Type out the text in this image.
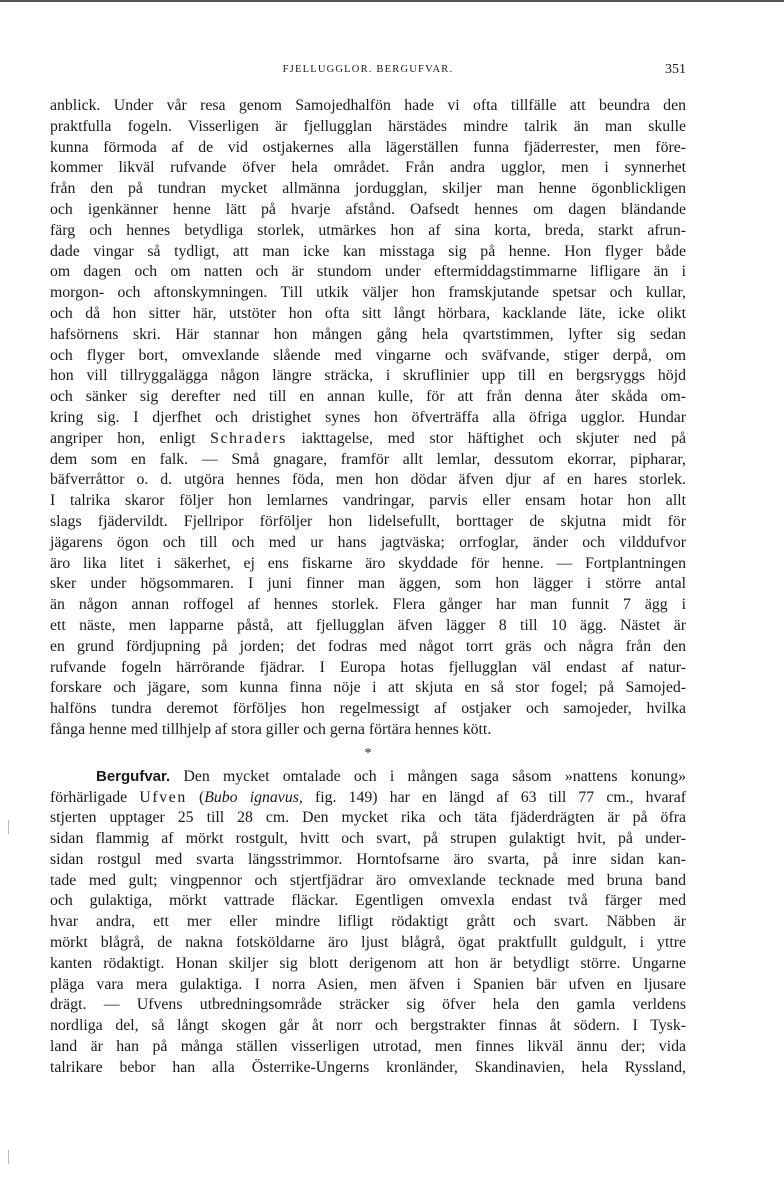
FJELLUGGLOR. BERGUFVAR.	351
anblick. Under vår resa genom Samojedhalfön hade vi ofta tillfälle att beundra den
praktfulla fogeln. Visserligen är fjellugglan härstädes mindre talrik än man skulle
kunna förmoda af de vid ostjakernes alla lägerställen funna fjäderrester, men före-
kommer likväl rufvande öfver hela området. Från andra ugglor, men i synnerhet
från den på tundran mycket allmänna jordugglan, skiljer man henne ögonblickligen
och igenkänner henne lätt på hvarje afstånd. Oafsedt hennes om dagen bländande
färg och hennes betydliga storlek, utmärkes hon af sina korta, breda, starkt afrun-
dade vingar så tydligt, att man icke kan misstaga sig på henne. Hon flyger både
om dagen och om natten och är stundom under eftermiddagstimmarne lifligare än i
morgon- och aftonskymningen. Till utkik väljer hon framskjutande spetsar och kullar,
och då hon sitter här, utstöter hon ofta sitt långt hörbara, kacklande läte, icke olikt
hafsörnens skri. Här stannar hon mången gång hela qvartstimmen, lyfter sig sedan
och flyger bort, omvexlande slående med vingarne och sväfvande, stiger derpå, om
hon vill tillryggalägga någon längre sträcka, i skruflinier upp till en bergsryggs höjd
och sänker sig derefter ned till en annan kulle, för att från denna åter skåda om-
kring sig. I djerfhet och dristighet synes hon öfverträffa alla öfriga ugglor. Hundar
angriper hon, enligt Schraders iakttagelse, med stor häftighet och skjuter ned på
dem som en falk. — Små gnagare, framför allt lemlar, dessutom ekorrar, pipharar,
bäfverråttor o. d. utgöra hennes föda, men hon dödar äfven djur af en hares storlek.
I talrika skaror följer hon lemlarnes vandringar, parvis eller ensam hotar hon allt
slags fjädervildt. Fjellripor förföljer hon lidelsefullt, borttager de skjutna midt för
jägarens ögon och till och med ur hans jagtväska; orrfoglar, änder och vilddufvor
äro lika litet i säkerhet, ej ens fiskarne äro skyddade för henne. — Fortplantningen
sker under högsommaren. I juni finner man äggen, som hon lägger i större antal
än någon annan roffogel af hennes storlek. Flera gånger har man funnit 7 ägg i
ett näste, men lapparne påstå, att fjellugglan äfven lägger 8 till 10 ägg. Nästet är
en grund fördjupning på jorden; det fodras med något torrt gräs och några från den
rufvande fogeln härrörande fjädrar. I Europa hotas fjellugglan väl endast af natur-
forskare och jägare, som kunna finna nöje i att skjuta en så stor fogel; på Samojed-
halföns tundra deremot förföljes hon regelmessigt af ostjaker och samojeder, hvilka
fånga henne med tillhjelp af stora giller och gerna förtära hennes kött.
*
Bergufvar. Den mycket omtalade och i mången saga såsom »nattens konung»
förhärligade Ufven (Bubo ignavus, fig. 149) har en längd af 63 till 77 cm., hvaraf
stjerten upptager 25 till 28 cm. Den mycket rika och täta fjäderdrägten är på öfra
sidan flammig af mörkt rostgult, hvitt och svart, på strupen gulaktigt hvit, på under-
sidan rostgul med svarta längsstrimmor. Horntofsarne äro svarta, på inre sidan kan-
tade med gult; vingpennor och stjertfjädrar äro omvexlande tecknade med bruna band
och gulaktiga, mörkt vattrade fläckar. Egentligen omvexla endast två färger med
hvar andra, ett mer eller mindre lifligt rödaktigt grått och svart. Näbben är
mörkt blågrå, de nakna fotsköldarne äro ljust blågrå, ögat praktfullt guldgult, i yttre
kanten rödaktigt. Honan skiljer sig blott derigenom att hon är betydligt större. Ungarne
pläga vara mera gulaktiga. I norra Asien, men äfven i Spanien bär ufven en ljusare
drägt. — Ufvens utbredningsområde sträcker sig öfver hela den gamla verldens
nordliga del, så långt skogen går åt norr och bergstrakter finnas åt södern. I Tysk-
land är han på många ställen visserligen utrotad, men finnes likväl ännu der; vida
talrikare bebor han alla Österrike-Ungerns kronländer, Skandinavien, hela Ryssland,
